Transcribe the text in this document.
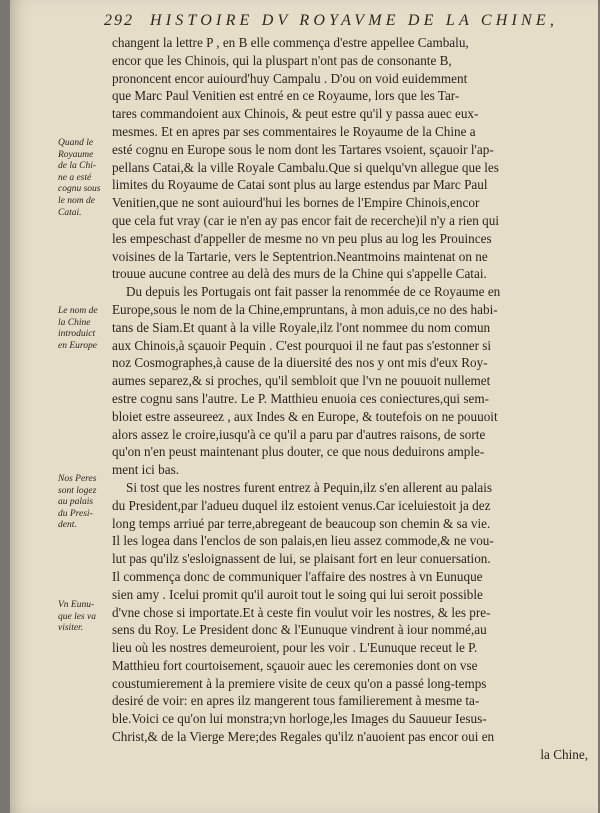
292 HISTOIRE DV ROYAVME DE LA CHINE,
Quand le
Royaume
de la Chi-
ne a esté
cognu sous
le nom de
Catai.
Le nom de
la Chine
introduict
en Europe
Nos Peres
sont logez
au palais
du Presi-
dent.
Vn Eunu-
que les va
visiter.
changent la lettre P , en B elle commença d'estre appellee Cambalu,
encor que les Chinois, qui la pluspart n'ont pas de consonante B,
prononcent encor auiourd'huy Campalu . D'ou on void euidemment
que Marc Paul Venitien est entré en ce Royaume, lors que les Tar-
tares commandoient aux Chinois, & peut estre qu'il y passa auec eux-
mesmes. Et en apres par ses commentaires le Royaume de la Chine a
esté cognu en Europe sous le nom dont les Tartares vsoient, sçauoir l'ap-
pellans Catai,& la ville Royale Cambalu.Que si quelqu'vn allegue que les
limites du Royaume de Catai sont plus au large estendus par Marc Paul
Venitien,que ne sont auiourd'hui les bornes de l'Empire Chinois,encor
que cela fut vray (car ie n'en ay pas encor fait de recerche)il n'y a rien qui
les empeschast d'appeller de mesme no vn peu plus au log les Prouinces
voisines de la Tartarie, vers le Septentrion.Neantmoins maintenat on ne
trouue aucune contree au delà des murs de la Chine qui s'appelle Catai.
Du depuis les Portugais ont fait passer la renommée de ce Royaume en
Europe,sous le nom de la Chine,empruntans, à mon aduis,ce no des habi-
tans de Siam.Et quant à la ville Royale,ilz l'ont nommee du nom comun
aux Chinois,à sçauoir Pequin . C'est pourquoi il ne faut pas s'estonner si
noz Cosmographes,à cause de la diuersité des nos y ont mis d'eux Roy-
aumes separez,& si proches, qu'il sembloit que l'vn ne pouuoit nullemet
estre cognu sans l'autre. Le P. Matthieu enuoia ces coniectures,qui sem-
bloiet estre asseureez , aux Indes & en Europe, & toutefois on ne pouuoit
alors assez le croire,iusqu'à ce qu'il a paru par d'autres raisons, de sorte
qu'on n'en peust maintenant plus douter, ce que nous deduirons ample-
ment ici bas.
Si tost que les nostres furent entrez à Pequin,ilz s'en allerent au palais
du President,par l'adueu duquel ilz estoient venus.Car iceluiestoit ja dez
long temps arriué par terre,abregeant de beaucoup son chemin & sa vie.
Il les logea dans l'enclos de son palais,en lieu assez commode,& ne vou-
lut pas qu'ilz s'esloignassent de lui, se plaisant fort en leur conuersation.
Il commença donc de communiquer l'affaire des nostres à vn Eunuque
sien amy . Icelui promit qu'il auroit tout le soing qui lui seroit possible
d'vne chose si importate.Et à ceste fin voulut voir les nostres, & les pre-
sens du Roy. Le President donc & l'Eunuque vindrent à iour nommé,au
lieu où les nostres demeuroient, pour les voir . L'Eunuque receut le P.
Matthieu fort courtoisement, sçauoir auec les ceremonies dont on vse
coustumierement à la premiere visite de ceux qu'on a passé long-temps
desiré de voir: en apres ilz mangerent tous familierement à mesme ta-
ble.Voici ce qu'on lui monstra;vn horloge,les Images du Sauueur Iesus-
Christ,& de la Vierge Mere;des Regales qu'ilz n'auoient pas encor oui en
la Chine,
